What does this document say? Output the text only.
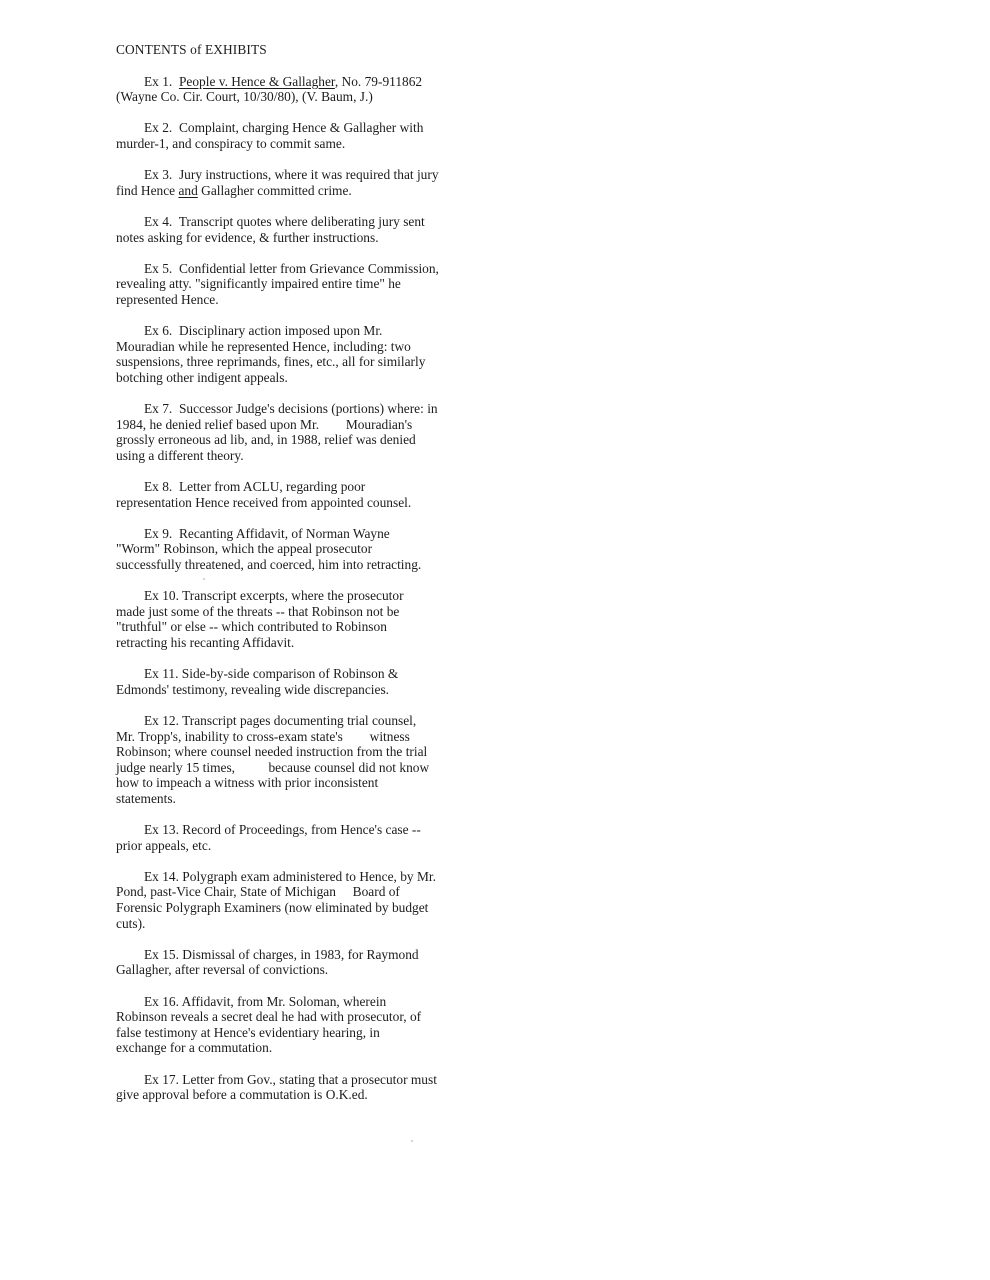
CONTENTS of EXHIBITS
Ex 1.  People v. Hence & Gallagher, No. 79-911862
(Wayne Co. Cir. Court, 10/30/80), (V. Baum, J.)
Ex 2.  Complaint, charging Hence & Gallagher with
murder-1, and conspiracy to commit same.
Ex 3.  Jury instructions, where it was required that jury
find Hence and Gallagher committed crime.
Ex 4.  Transcript quotes where deliberating jury sent
notes asking for evidence, & further instructions.
Ex 5.  Confidential letter from Grievance Commission,
revealing atty. "significantly impaired entire time" he
represented Hence.
Ex 6.  Disciplinary action imposed upon Mr.
Mouradian while he represented Hence, including: two
suspensions, three reprimands, fines, etc., all for similarly
botching other indigent appeals.
Ex 7.  Successor Judge's decisions (portions) where: in
1984, he denied relief based upon Mr.        Mouradian's
grossly erroneous ad lib, and, in 1988, relief was denied
using a different theory.
Ex 8.  Letter from ACLU, regarding poor
representation Hence received from appointed counsel.
Ex 9.  Recanting Affidavit, of Norman Wayne
"Worm" Robinson, which the appeal prosecutor
successfully threatened, and coerced, him into retracting.
Ex 10. Transcript excerpts, where the prosecutor
made just some of the threats -- that Robinson not be
"truthful" or else -- which contributed to Robinson
retracting his recanting Affidavit.
Ex 11. Side-by-side comparison of Robinson &
Edmonds' testimony, revealing wide discrepancies.
Ex 12. Transcript pages documenting trial counsel,
Mr. Tropp's, inability to cross-exam state's        witness
Robinson; where counsel needed instruction from the trial
judge nearly 15 times,          because counsel did not know
how to impeach a witness with prior inconsistent
statements.
Ex 13. Record of Proceedings, from Hence's case --
prior appeals, etc.
Ex 14. Polygraph exam administered to Hence, by Mr.
Pond, past-Vice Chair, State of Michigan     Board of
Forensic Polygraph Examiners (now eliminated by budget
cuts).
Ex 15. Dismissal of charges, in 1983, for Raymond
Gallagher, after reversal of convictions.
Ex 16. Affidavit, from Mr. Soloman, wherein
Robinson reveals a secret deal he had with prosecutor, of
false testimony at Hence's evidentiary hearing, in
exchange for a commutation.
Ex 17. Letter from Gov., stating that a prosecutor must
give approval before a commutation is O.K.ed.
